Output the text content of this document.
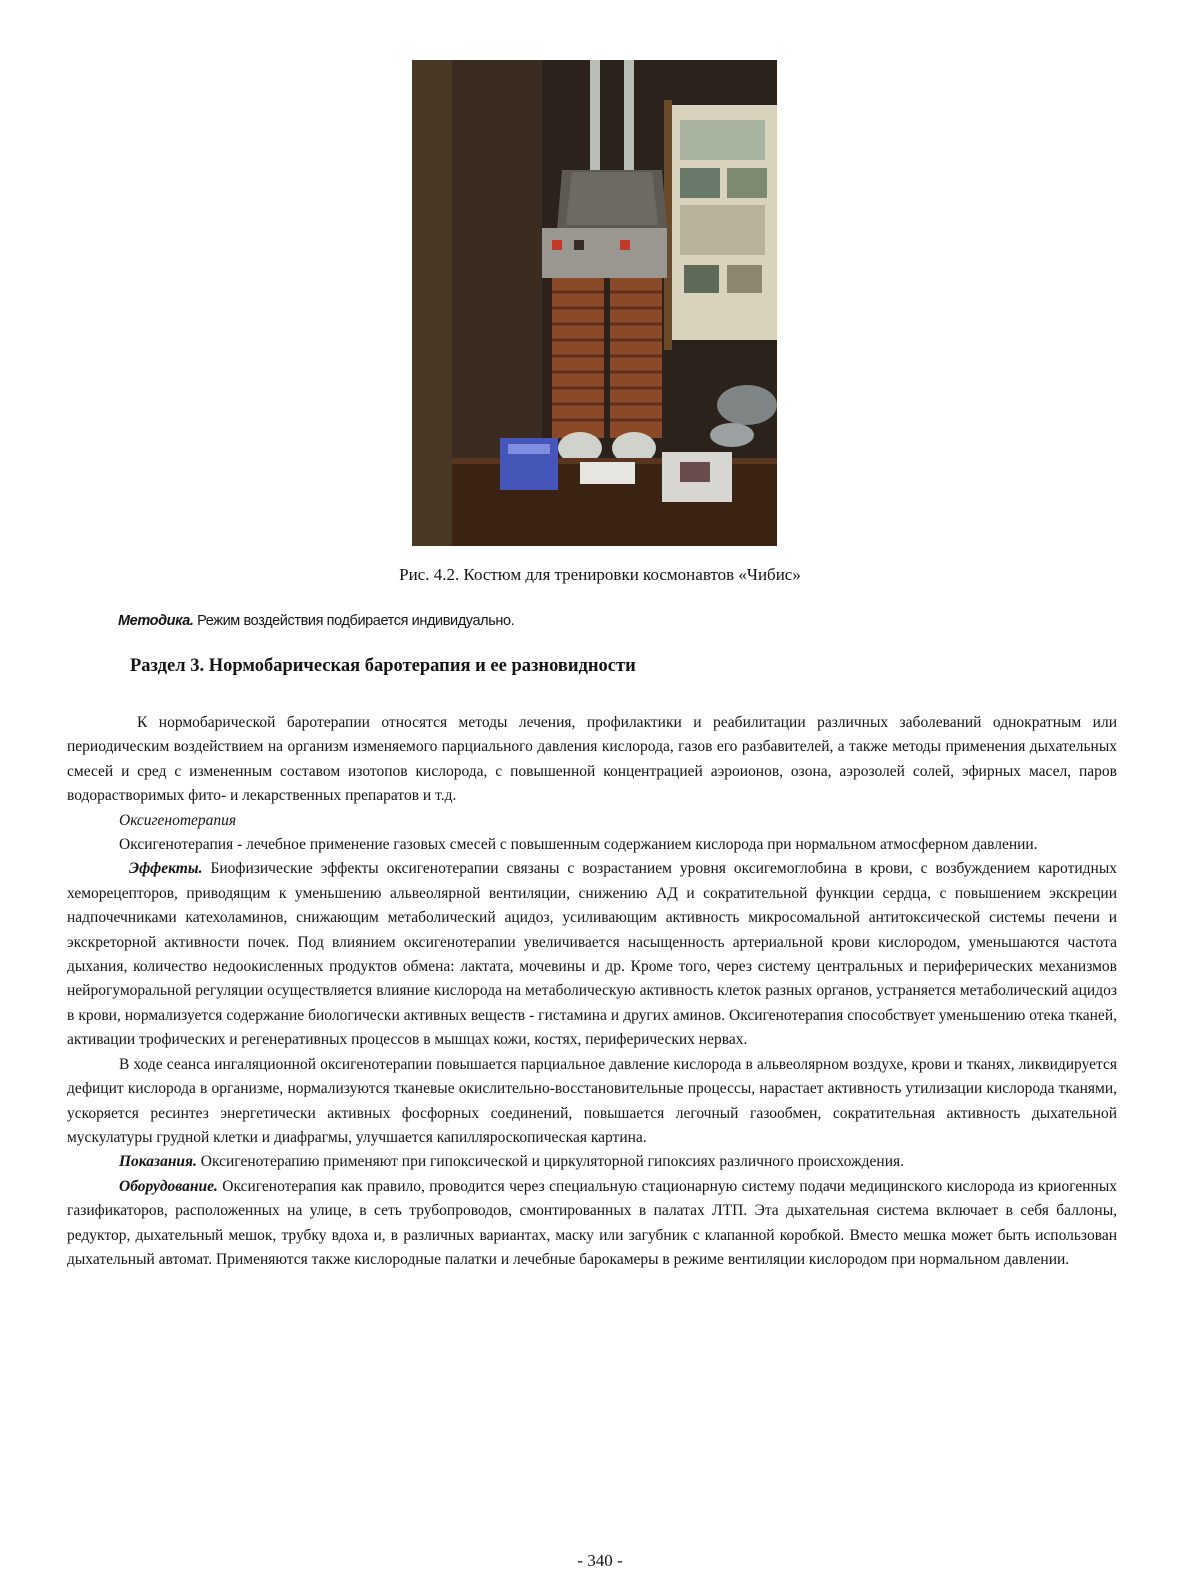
Рис. 4.2. Костюм для тренировки космонавтов «Чибис»
Методика. Режим воздействия подбирается индивидуально.
Раздел 3. Нормобарическая баротерапия и ее разновидности

К нормобарической баротерапии относятся методы лечения, профилактики и реабилитации различных заболеваний однократным или периодическим воздействием на организм изменяемого парциального давления кислорода, газов его разбавителей, а также методы применения дыхательных смесей и сред с измененным составом изотопов кислорода, с повышенной концентрацией аэроионов, озона, аэрозолей солей, эфирных масел, паров водорастворимых фито- и лекарственных препаратов и т.д.

Оксигенотерапия

Оксигенотерапия - лечебное применение газовых смесей с повышенным содержанием кислорода при нормальном атмосферном давлении.

Эффекты. Биофизические эффекты оксигенотерапии связаны с возрастанием уровня оксигемоглобина в крови, с возбуждением каротидных хеморецепторов, приводящим к уменьшению альвеолярной вентиляции, снижению АД и сократительной функции сердца, с повышением экскреции надпочечниками катехоламинов, снижающим метаболический ацидоз, усиливающим активность микросомальной антитоксической системы печени и экскреторной активности почек. Под влиянием оксигенотерапии увеличивается насыщенность артериальной крови кислородом, уменьшаются частота дыхания, количество недоокисленных продуктов обмена: лактата, мочевины и др. Кроме того, через систему центральных и периферических механизмов нейрогуморальной регуляции осуществляется влияние кислорода на метаболическую активность клеток разных органов, устраняется метаболический ацидоз в крови, нормализуется содержание биологически активных веществ - гистамина и других аминов. Оксигенотерапия способствует уменьшению отека тканей, активации трофических и регенеративных процессов в мышцах кожи, костях, периферических нервах.

В ходе сеанса ингаляционной оксигенотерапии повышается парциальное давление кислорода в альвеолярном воздухе, крови и тканях, ликвидируется дефицит кислорода в организме, нормализуются тканевые окислительно-восстановительные процессы, нарастает активность утилизации кислорода тканями, ускоряется ресинтез энергетически активных фосфорных соединений, повышается легочный газообмен, сократительная активность дыхательной мускулатуры грудной клетки и диафрагмы, улучшается капилляроскопическая картина.

Показания. Оксигенотерапию применяют при гипоксической и циркуляторной гипоксиях различного происхождения.

Оборудование. Оксигенотерапия как правило, проводится через специальную стационарную систему подачи медицинского кислорода из криогенных газификаторов, расположенных на улице, в сеть трубопроводов, смонтированных в палатах ЛТП. Эта дыхательная система включает в себя баллоны, редуктор, дыхательный мешок, трубку вдоха и, в различных вариантах, маску или загубник с клапанной коробкой. Вместо мешка может быть использован дыхательный автомат. Применяются также кислородные палатки и лечебные барокамеры в режиме вентиляции кислородом при нормальном давлении.

- 340 -
